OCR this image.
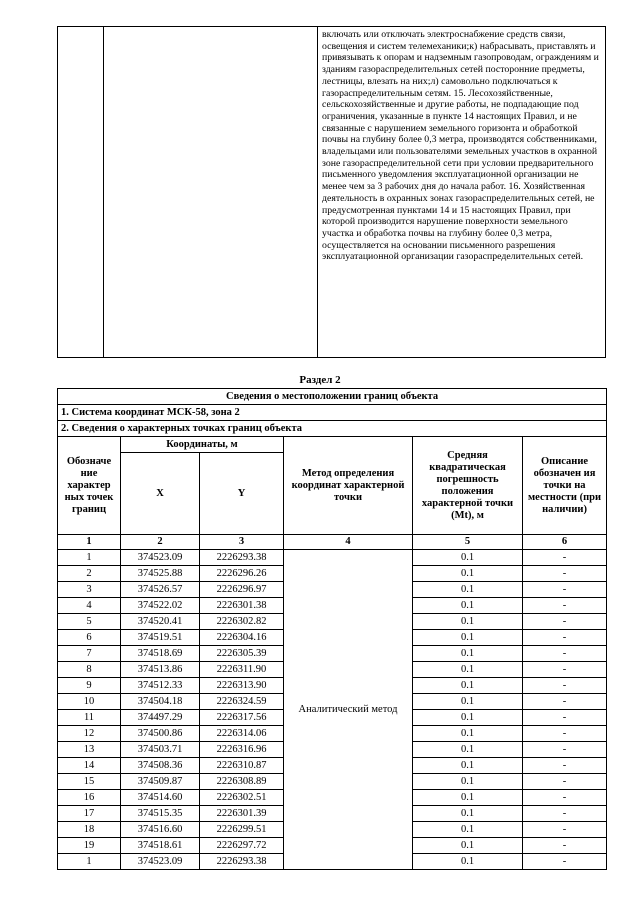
		включать или отключать электроснабжение средств связи, освещения и систем телемеханики;к) набрасывать, приставлять и привязывать к опорам и надземным газопроводам, ограждениям и зданиям газораспределительных сетей посторонние предметы, лестницы, влезать на них;л) самовольно подключаться к газораспределительным сетям. 15. Лесохозяйственные, сельскохозяйственные и другие работы, не подпадающие под ограничения, указанные в пункте 14 настоящих Правил, и не связанные с нарушением земельного горизонта и обработкой почвы на глубину более 0,3 метра, производятся собственниками, владельцами или пользователями земельных участков в охранной зоне газораспределительной сети при условии предварительного письменного уведомления эксплуатационной организации не менее чем за 3 рабочих дня до начала работ. 16. Хозяйственная деятельность в охранных зонах газораспределительных сетей, не предусмотренная пунктами 14 и 15 настоящих Правил, при которой производится нарушение поверхности земельного участка и обработка почвы на глубину более 0,3 метра, осуществляется на основании письменного разрешения эксплуатационной организации газораспределительных сетей.
Раздел 2
Сведения о местоположении границ объекта					
1. Система координат МСК-58, зона 2					
2. Сведения о характерных точках границ объекта					
Обозначе ние характер ных точек границ	Координаты, м		Метод определения координат характерной точки	Средняя квадратическая погрешность положения характерной точки (Mt), м	Описание обозначен ия точки на местности (при наличии)
	X	Y			
1	2	3	4	5	6
1	374523.09	2226293.38	Аналитический метод	0.1	-
2	374525.88	2226296.26		0.1	-
3	374526.57	2226296.97		0.1	-
4	374522.02	2226301.38		0.1	-
5	374520.41	2226302.82		0.1	-
6	374519.51	2226304.16		0.1	-
7	374518.69	2226305.39		0.1	-
8	374513.86	2226311.90		0.1	-
9	374512.33	2226313.90		0.1	-
10	374504.18	2226324.59		0.1	-
11	374497.29	2226317.56		0.1	-
12	374500.86	2226314.06		0.1	-
13	374503.71	2226316.96		0.1	-
14	374508.36	2226310.87		0.1	-
15	374509.87	2226308.89		0.1	-
16	374514.60	2226302.51		0.1	-
17	374515.35	2226301.39		0.1	-
18	374516.60	2226299.51		0.1	-
19	374518.61	2226297.72		0.1	-
1	374523.09	2226293.38		0.1	-
